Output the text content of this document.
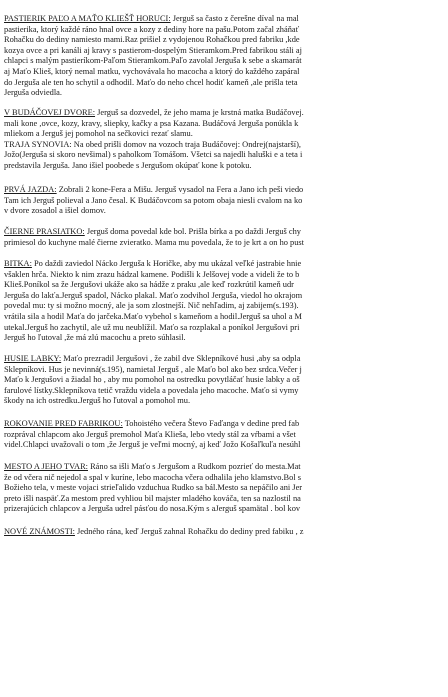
PASTIERIK PAĽO A MAŤO KLIEŠŤ HORUCI: Jerguš sa často z čerešne díval na mal
pastierika, ktorý každé ráno hnal ovce a kozy z dediny hore na pašu.Potom začal zháňať
Rohačku do dediny namiesto mami.Raz prišiel z vydojenou Rohačkou pred fabriku ,kde
kozya ovce a pri kanáli aj kravy s pastierom-dospelým Stieramkom.Pred fabrikou stáli aj
chlapci s malým pastieríkom-Paľom Stieramkom.Paľo zavolal Jerguša k sebe a skamarát
aj Maťo Klieš, ktorý nemal matku, vychovávala ho macocha a ktorý do každého zapáral
do Jerguša ale ten ho schytil a odhodil. Maťo do neho chcel hodiť kameň ,ale prišla teta
Jerguša odviedla.
V BUDÁČOVEJ DVORE: Jerguš sa dozvedel, že jeho mama je krstná matka Budáčovej.
mali kone ,ovce, kozy, kravy, sliepky, kačky a psa Kazana. Budáčová Jerguša ponúkla k
mliekom a Jerguš jej pomohol na sečkovici rezať slamu.
TRAJA SYNOVIA: Na obed prišli domov na vozoch traja Budáčovej: Ondrej(najstarší),
Jožo(Jerguša si skoro nevšimal) s paholkom Tomášom. Všetci sa najedli haluški e a teta i
predstavila Jerguša. Jano išiel poobede s Jergušom okúpať kone k potoku.
PRVÁ JAZDA: Zobrali 2 kone-Fera a Mišu. Jerguš vysadol na Fera a Jano ich peši viedo
Tam ich Jerguš polieval a Jano česal. K Budáčovcom sa potom obaja niesli cvalom na ko
v dvore zosadol a išiel domov.
ČIERNE PRASIATKO: Jerguš doma povedal kde bol. Prišla bírka a po daždi Jerguš chy
primiesol do kuchyne malé čierne zvieratko. Mama mu povedala, že to je krt a on ho pust
BITKA: Po daždi zaviedol Nácko Jerguša k Horičke, aby mu ukázal veľké jastrabie hnie
všaklen hrča. Niekto k nim zrazu hádzal kamene. Podišli k Jelšovej vode a videli že to b
Klieš.Poníkol sa že Jergušovi ukáže ako sa hádže z praku ,ale keď rozkrútil kameň udr
Jerguša do lakťa.Jerguš spadol, Nácko plakal. Maťo zodvihol Jerguša, viedol ho okrajom
povedal mu: ty si možno mocný, ale ja som zlostnejší. Nič nehľadim, aj zabijem(s.193).
vrátila sila a hodil Maťa do jarčeka.Maťo vybehol s kameňom a hodil.Jerguš sa uhol a M
utekal.Jerguš ho zachytil, ale už mu neublížil. Maťo sa rozplakal a poníkol Jergušovi pri
Jerguš ho ľutoval ,že má zlú macochu a preto súhlasil.
HUSIE LABKY: Maťo prezradil Jergušovi , že zabil dve Sklepníkové husi ,aby sa odpla
Sklepníkovi. Hus je nevinná(s.195), namietal Jerguš , ale Maťo bol ako bez srdca.Večer j
Maťo k Jergušovi a žiadal ho , aby mu pomohol na ostredku povytláčať husie labky a oš
farulové lístky.Sklepníkova tetič vraždu videla a povedala jeho macoche. Maťo si vymy
škody na ich ostredku.Jerguš ho ľutoval a pomohol mu.
ROKOVANIE PRED FABRIKOU: Tohoistého večera Števo Faďanga v dedine pred fab
rozprával chlapcom ako Jerguš premohol Maťa Klieša, lebo vtedy stál za vŕbami a všet
videl.Chlapci uvažovali o tom ,že Jerguš je veľmi mocný, aj keď Jožo Košaľkuľa nesúhl
MESTO A JEHO TVAR: Ráno sa išli Maťo s Jergušom a Rudkom pozrieť do mesta.Mat
že od včera nič nejedol a spal v kuríne, lebo macocha včera odhalila jeho klamstvo.Bol s
Božieho tela, v meste vojaci strieľalido vzduchua Rudko sa bál.Mesto sa nepáčilo ani Jer
preto išli naspäť.Za mestom pred vyhliou bil majster mladého kováča, ten sa nazlostil na
prizerajúcich chlapcov a Jerguša udrel pásťou do nosa.Kým s aJerguš spamätal . bol kov
NOVÉ ZNÁMOSTI: Jedného rána, keď Jerguš zahnal Rohačku do dediny pred fabiku , z
